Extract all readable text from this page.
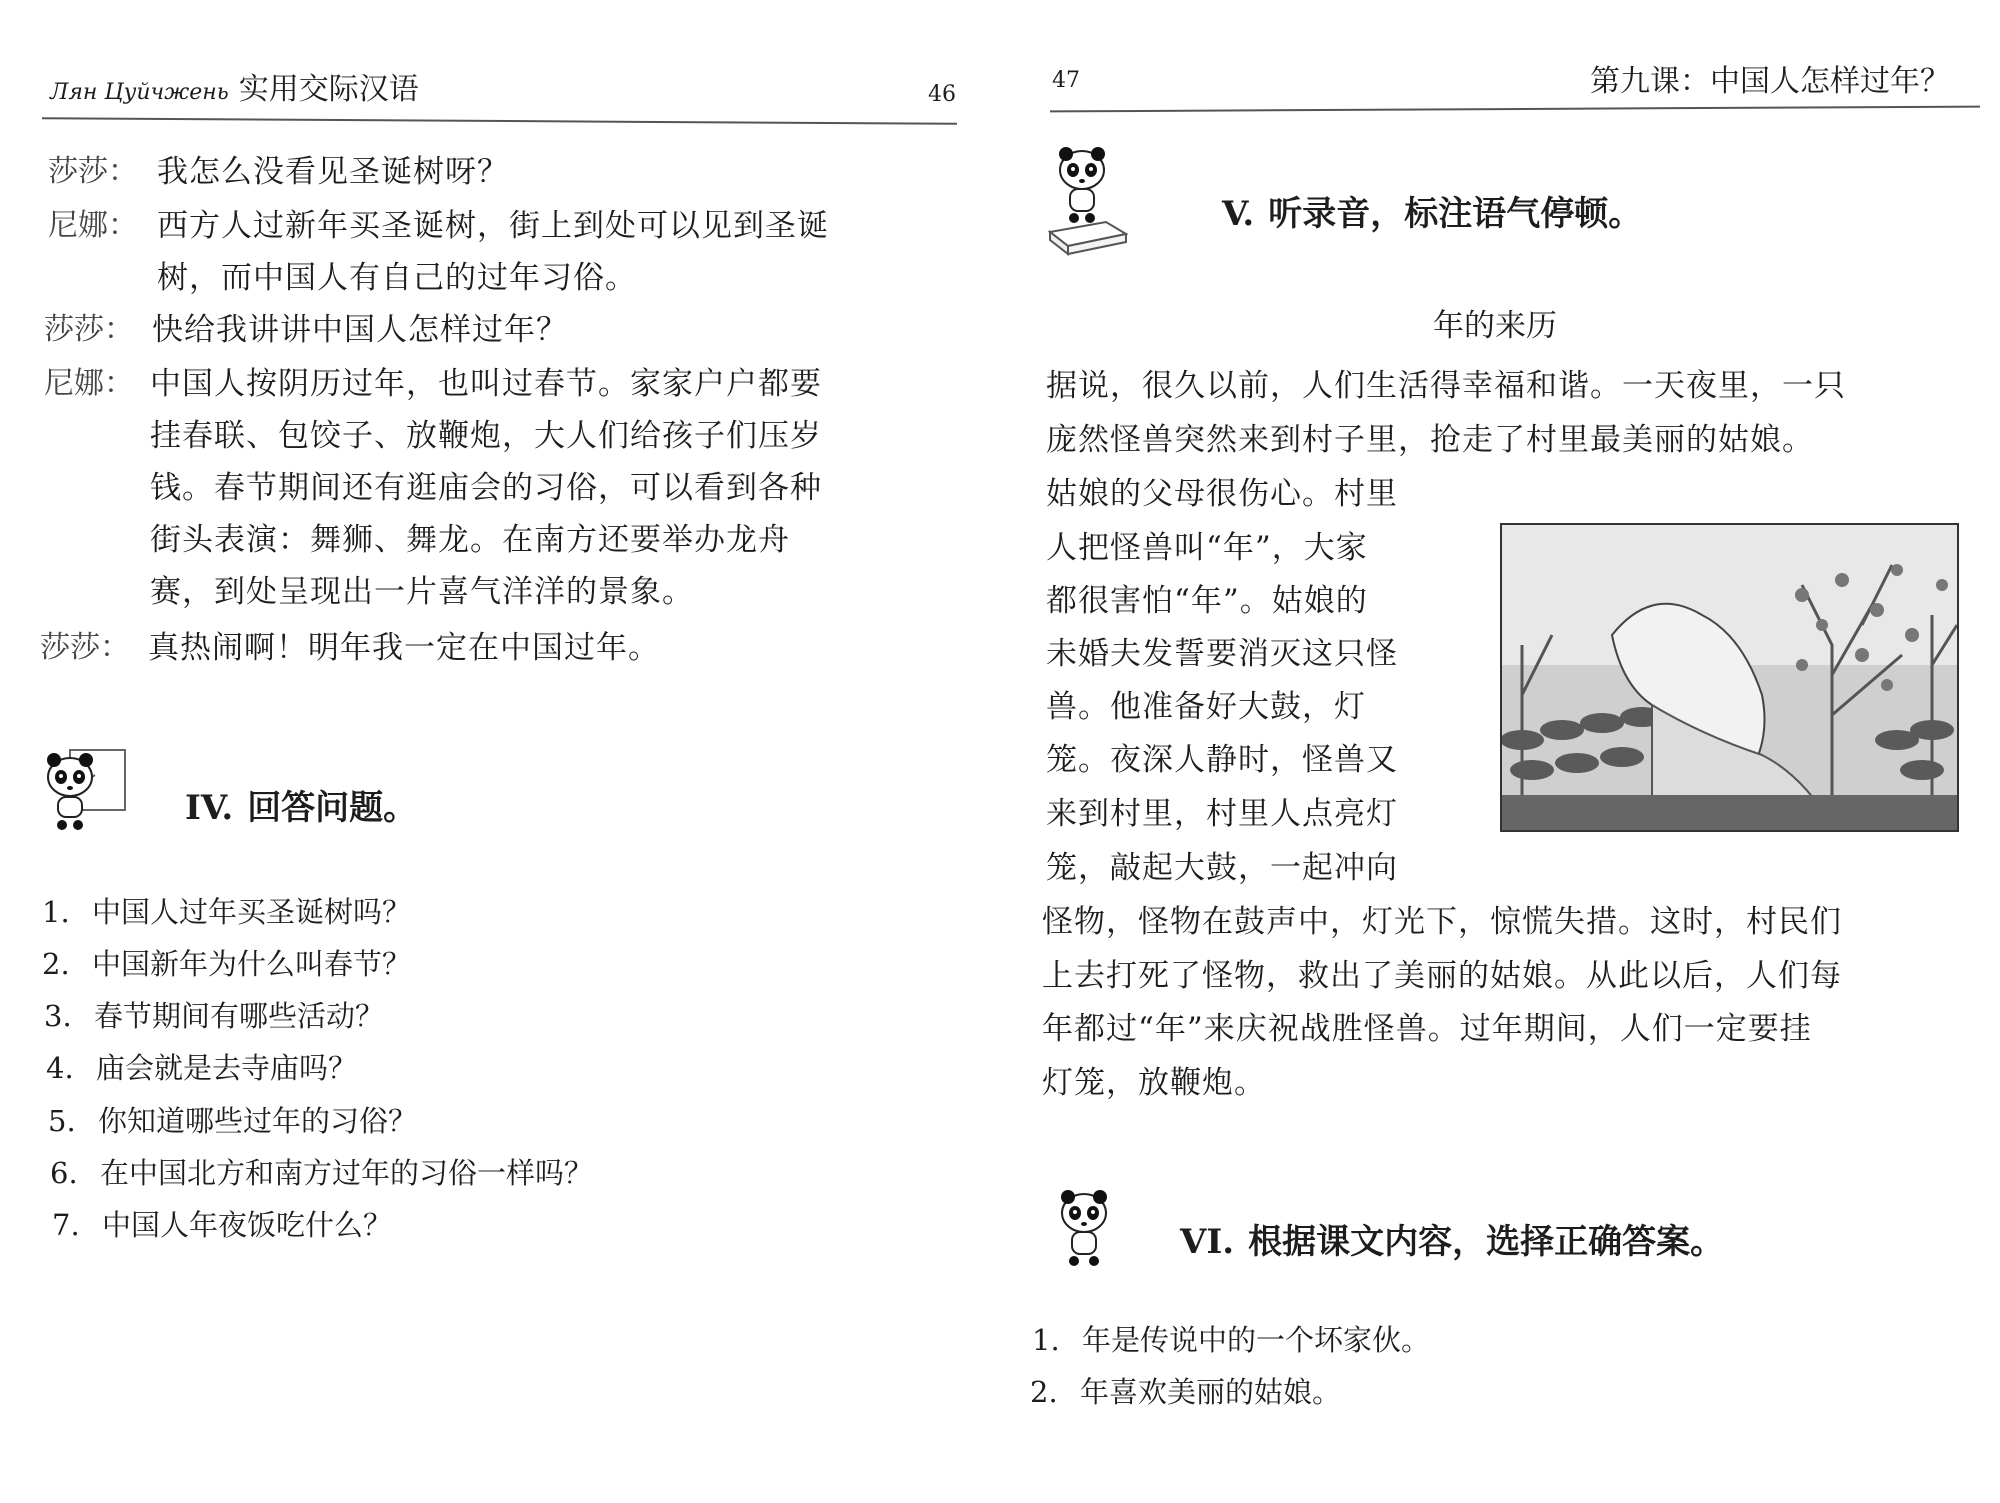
Лян Цуйчжень 实用交际汉语	46
莎莎： 我怎么没看见圣诞树呀？
尼娜： 西方人过新年买圣诞树，街上到处可以见到圣诞
树，而中国人有自己的过年习俗。
莎莎： 快给我讲讲中国人怎样过年？
尼娜： 中国人按阴历过年，也叫过春节。家家户户都要
挂春联、包饺子、放鞭炮，大人们给孩子们压岁
钱。春节期间还有逛庙会的习俗，可以看到各种
街头表演：舞狮、舞龙。在南方还要举办龙舟
赛，到处呈现出一片喜气洋洋的景象。
莎莎： 真热闹啊！明年我一定在中国过年。
IV. 回答问题。
1. 中国人过年买圣诞树吗？
2. 中国新年为什么叫春节？
3. 春节期间有哪些活动？
4. 庙会就是去寺庙吗？
5. 你知道哪些过年的习俗？
6. 在中国北方和南方过年的习俗一样吗？
7. 中国人年夜饭吃什么？
47	第九课：中国人怎样过年？
V. 听录音，标注语气停顿。
年的来历
据说，很久以前，人们生活得幸福和谐。一天夜里，一只
庞然怪兽突然来到村子里，抢走了村里最美丽的姑娘。
姑娘的父母很伤心。村里
人把怪兽叫“年”，大家
都很害怕“年”。姑娘的
未婚夫发誓要消灭这只怪
兽。他准备好大鼓，灯
笼。夜深人静时，怪兽又
来到村里，村里人点亮灯
笼，敲起大鼓，一起冲向
怪物，怪物在鼓声中，灯光下，惊慌失措。这时，村民们
上去打死了怪物，救出了美丽的姑娘。从此以后，人们每
年都过“年”来庆祝战胜怪兽。过年期间，人们一定要挂
灯笼，放鞭炮。
VI. 根据课文内容，选择正确答案。
1. 年是传说中的一个坏家伙。
2. 年喜欢美丽的姑娘。
